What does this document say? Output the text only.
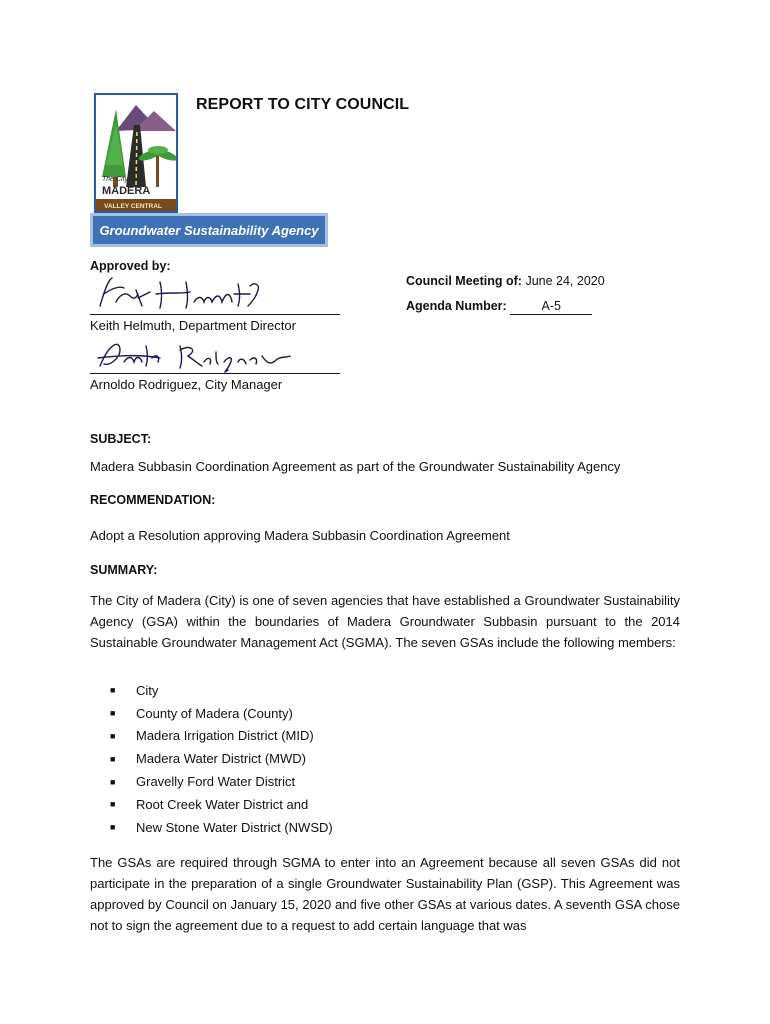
The City of
MADERA
VALLEY CENTRAL
Groundwater Sustainability Agency
REPORT TO CITY COUNCIL
Approved by:
Keith Helmuth, Department Director
Arnoldo Rodriguez, City Manager
Council Meeting of: June 24, 2020
Agenda Number:	A-5
SUBJECT:
Madera Subbasin Coordination Agreement as part of the Groundwater Sustainability Agency
RECOMMENDATION:
Adopt a Resolution approving Madera Subbasin Coordination Agreement
SUMMARY:
The City of Madera (City) is one of seven agencies that have established a Groundwater Sustainability Agency (GSA) within the boundaries of Madera Groundwater Subbasin pursuant to the 2014 Sustainable Groundwater Management Act (SGMA). The seven GSAs include the following members:
■	City
■	County of Madera (County)
■	Madera Irrigation District (MID)
■	Madera Water District (MWD)
■	Gravelly Ford Water District
■	Root Creek Water District and
■	New Stone Water District (NWSD)
The GSAs are required through SGMA to enter into an Agreement because all seven GSAs did not participate in the preparation of a single Groundwater Sustainability Plan (GSP). This Agreement was approved by Council on January 15, 2020 and five other GSAs at various dates. A seventh GSA chose not to sign the agreement due to a request to add certain language that was
